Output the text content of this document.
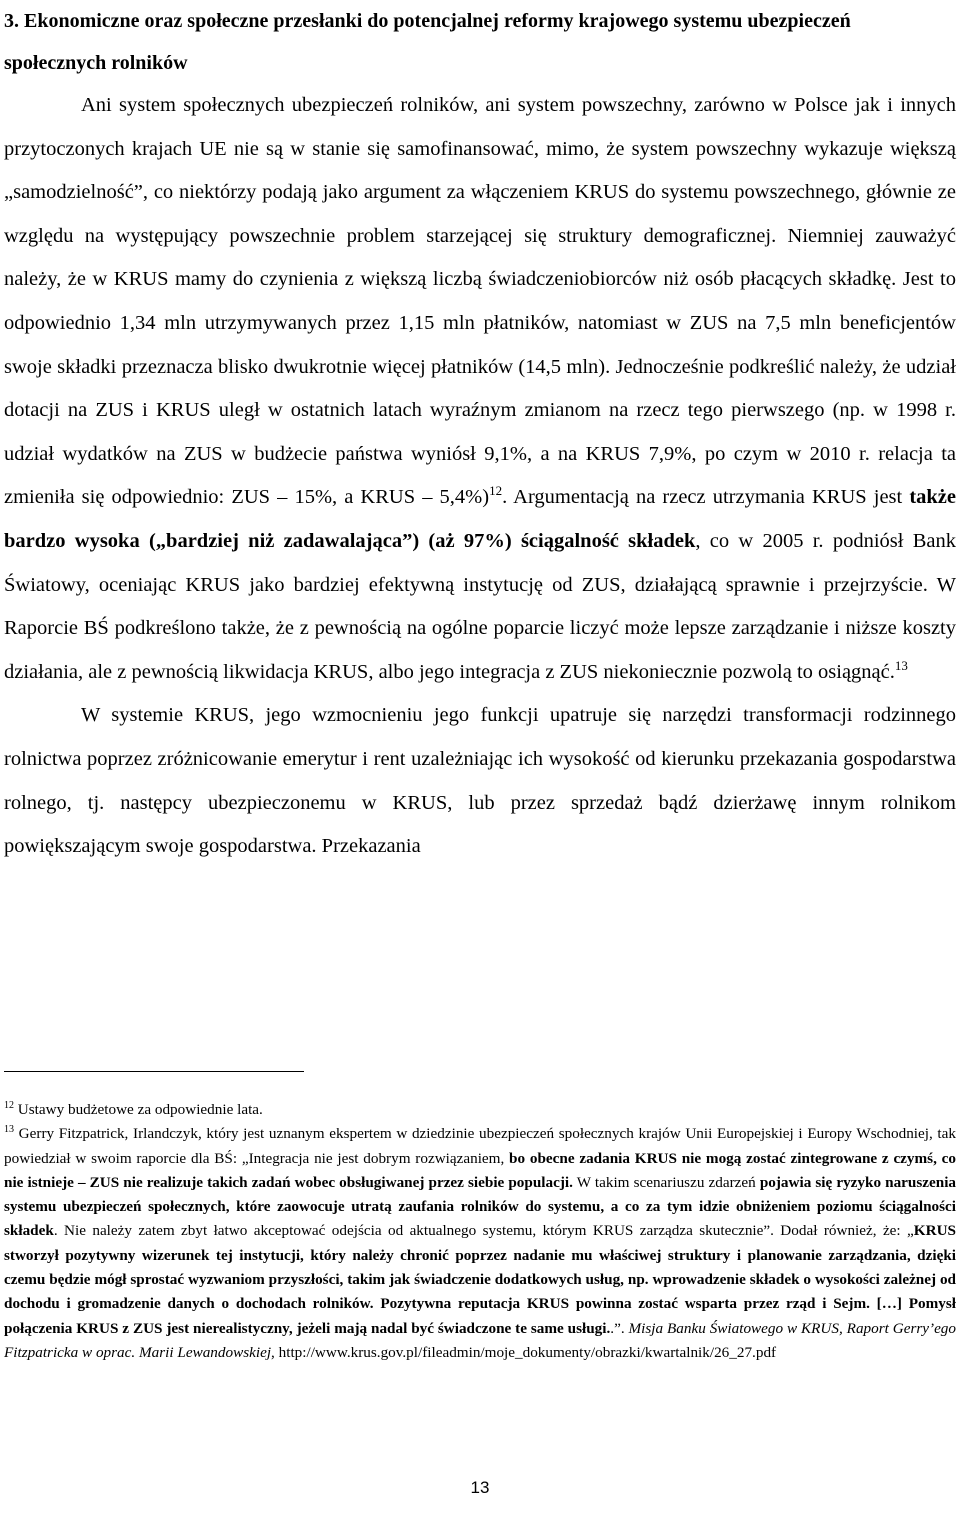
3. Ekonomiczne oraz społeczne przesłanki do potencjalnej reformy krajowego systemu ubezpieczeń społecznych rolników

Ani system społecznych ubezpieczeń rolników, ani system powszechny, zarówno w Polsce jak i innych przytoczonych krajach UE nie są w stanie się samofinansować, mimo, że system powszechny wykazuje większą „samodzielność”, co niektórzy podają jako argument za włączeniem KRUS do systemu powszechnego, głównie ze względu na występujący powszechnie problem starzejącej się struktury demograficznej. Niemniej zauważyć należy, że w KRUS mamy do czynienia z większą liczbą świadczeniobiorców niż osób płacących składkę. Jest to odpowiednio 1,34 mln utrzymywanych przez 1,15 mln płatników, natomiast w ZUS na 7,5 mln beneficjentów swoje składki przeznacza blisko dwukrotnie więcej płatników (14,5 mln). Jednocześnie podkreślić należy, że udział dotacji na ZUS i KRUS uległ w ostatnich latach wyraźnym zmianom na rzecz tego pierwszego (np. w 1998 r. udział wydatków na ZUS w budżecie państwa wyniósł 9,1%, a na KRUS 7,9%, po czym w 2010 r. relacja ta zmieniła się odpowiednio: ZUS – 15%, a KRUS – 5,4%)$^{12}$. Argumentacją na rzecz utrzymania KRUS jest także bardzo wysoka („bardziej niż zadawalająca”) (aż 97%) ściągalność składek, co w 2005 r. podniósł Bank Światowy, oceniając KRUS jako bardziej efektywną instytucję od ZUS, działającą sprawnie i przejrzyście. W Raporcie BŚ podkreślono także, że z pewnością na ogólne poparcie liczyć może lepsze zarządzanie i niższe koszty działania, ale z pewnością likwidacja KRUS, albo jego integracja z ZUS niekoniecznie pozwolą to osiągnąć.$^{13}$

W systemie KRUS, jego wzmocnieniu jego funkcji upatruje się narzędzi transformacji rodzinnego rolnictwa poprzez zróżnicowanie emerytur i rent uzależniając ich wysokość od kierunku przekazania gospodarstwa rolnego, tj. następcy ubezpieczonemu w KRUS, lub przez sprzedaż bądź dzierżawę innym rolnikom powiększającym swoje gospodarstwa. Przekazania

$^{12}$ Ustawy budżetowe za odpowiednie lata.

$^{13}$ Gerry Fitzpatrick, Irlandczyk, który jest uznanym ekspertem w dziedzinie ubezpieczeń społecznych krajów Unii Europejskiej i Europy Wschodniej, tak powiedział w swoim raporcie dla BŚ: „Integracja nie jest dobrym rozwiązaniem, bo obecne zadania KRUS nie mogą zostać zintegrowane z czymś, co nie istnieje – ZUS nie realizuje takich zadań wobec obsługiwanej przez siebie populacji. W takim scenariuszu zdarzeń pojawia się ryzyko naruszenia systemu ubezpieczeń społecznych, które zaowocuje utratą zaufania rolników do systemu, a co za tym idzie obniżeniem poziomu ściągalności składek. Nie należy zatem zbyt łatwo akceptować odejścia od aktualnego systemu, którym KRUS zarządza skutecznie”. Dodał również, że: „KRUS stworzył pozytywny wizerunek tej instytucji, który należy chronić poprzez nadanie mu właściwej struktury i planowanie zarządzania, dzięki czemu będzie mógł sprostać wyzwaniom przyszłości, takim jak świadczenie dodatkowych usług, np. wprowadzenie składek o wysokości zależnej od dochodu i gromadzenie danych o dochodach rolników. Pozytywna reputacja KRUS powinna zostać wsparta przez rząd i Sejm. […] Pomysł połączenia KRUS z ZUS jest nierealistyczny, jeżeli mają nadal być świadczone te same usługi..”. Misja Banku Światowego w KRUS, Raport Gerry’ego Fitzpatricka w oprac. Marii Lewandowskiej, http://www.krus.gov.pl/fileadmin/moje_dokumenty/obrazki/kwartalnik/26_27.pdf

13
